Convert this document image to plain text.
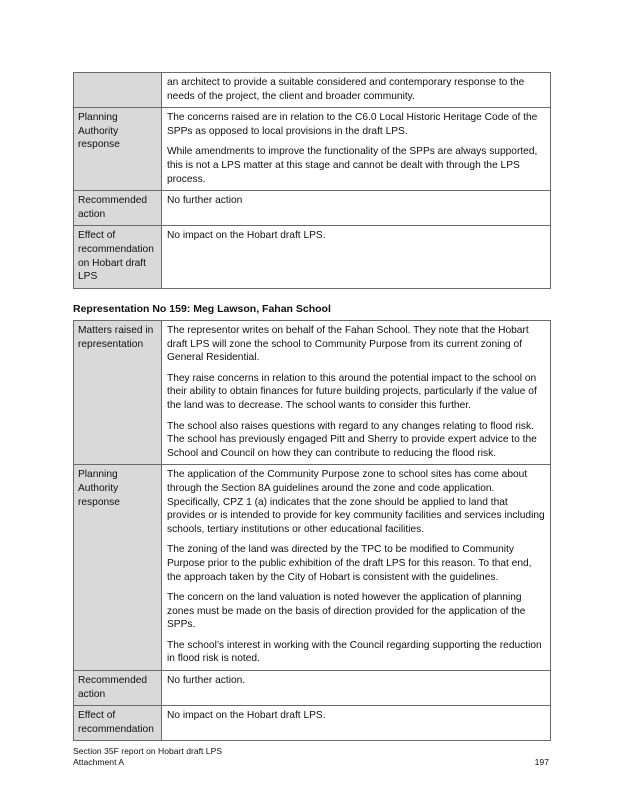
	an architect to provide a suitable considered and contemporary response to the needs of the project, the client and broader community.

Planning Authority response	The concerns raised are in relation to the C6.0 Local Historic Heritage Code of the SPPs as opposed to local provisions in the draft LPS.

While amendments to improve the functionality of the SPPs are always supported, this is not a LPS matter at this stage and cannot be dealt with through the LPS process.

Recommended action	No further action

Effect of recommendation on Hobart draft LPS	No impact on the Hobart draft LPS.

Representation No 159: Meg Lawson, Fahan School
Matters raised in representation	The representor writes on behalf of the Fahan School. They note that the Hobart draft LPS will zone the school to Community Purpose from its current zoning of General Residential.

They raise concerns in relation to this around the potential impact to the school on their ability to obtain finances for future building projects, particularly if the value of the land was to decrease. The school wants to consider this further.

The school also raises questions with regard to any changes relating to flood risk. The school has previously engaged Pitt and Sherry to provide expert advice to the School and Council on how they can contribute to reducing the flood risk.

Planning Authority response	The application of the Community Purpose zone to school sites has come about through the Section 8A guidelines around the zone and code application. Specifically, CPZ 1 (a) indicates that the zone should be applied to land that provides or is intended to provide for key community facilities and services including schools, tertiary institutions or other educational facilities.

The zoning of the land was directed by the TPC to be modified to Community Purpose prior to the public exhibition of the draft LPS for this reason. To that end, the approach taken by the City of Hobart is consistent with the guidelines.

The concern on the land valuation is noted however the application of planning zones must be made on the basis of direction provided for the application of the SPPs.

The school’s interest in working with the Council regarding supporting the reduction in flood risk is noted.

Recommended action	No further action.

Effect of recommendation	No impact on the Hobart draft LPS.

Section 35F report on Hobart draft LPS
Attachment A	197
